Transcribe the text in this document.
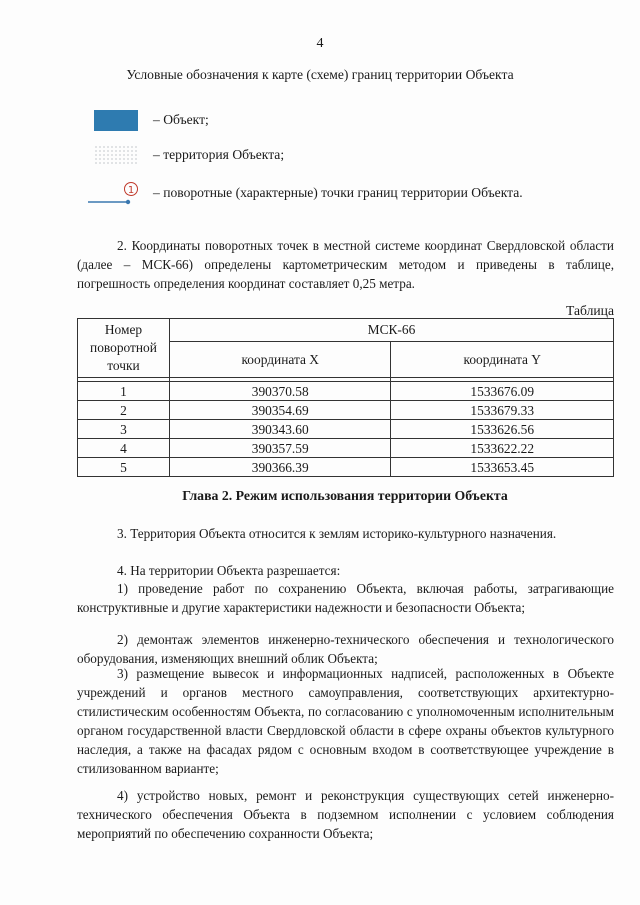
4
Условные обозначения к карте (схеме) границ территории Объекта
– Объект;
– территория Объекта;
1 – поворотные (характерные) точки границ территории Объекта.
2. Координаты поворотных точек в местной системе координат Свердловской области (далее – МСК-66) определены картометрическим методом и приведены в таблице, погрешность определения координат составляет 0,25 метра.
Таблица
Номер поворотной точки	МСК-66	
	координата X	координата Y

1	390370.58	1533676.09
2	390354.69	1533679.33
3	390343.60	1533626.56
4	390357.59	1533622.22
5	390366.39	1533653.45
Глава 2. Режим использования территории Объекта
3. Территория Объекта относится к землям историко-культурного назначения.
4. На территории Объекта разрешается:
1) проведение работ по сохранению Объекта, включая работы, затрагивающие конструктивные и другие характеристики надежности и безопасности Объекта;
2) демонтаж элементов инженерно-технического обеспечения и технологического оборудования, изменяющих внешний облик Объекта;
3) размещение вывесок и информационных надписей, расположенных в Объекте учреждений и органов местного самоуправления, соответствующих архитектурно-стилистическим особенностям Объекта, по согласованию с уполномоченным исполнительным органом государственной власти Свердловской области в сфере охраны объектов культурного наследия, а также на фасадах рядом с основным входом в соответствующее учреждение в стилизованном варианте;
4) устройство новых, ремонт и реконструкция существующих сетей инженерно-технического обеспечения Объекта в подземном исполнении с условием соблюдения мероприятий по обеспечению сохранности Объекта;
